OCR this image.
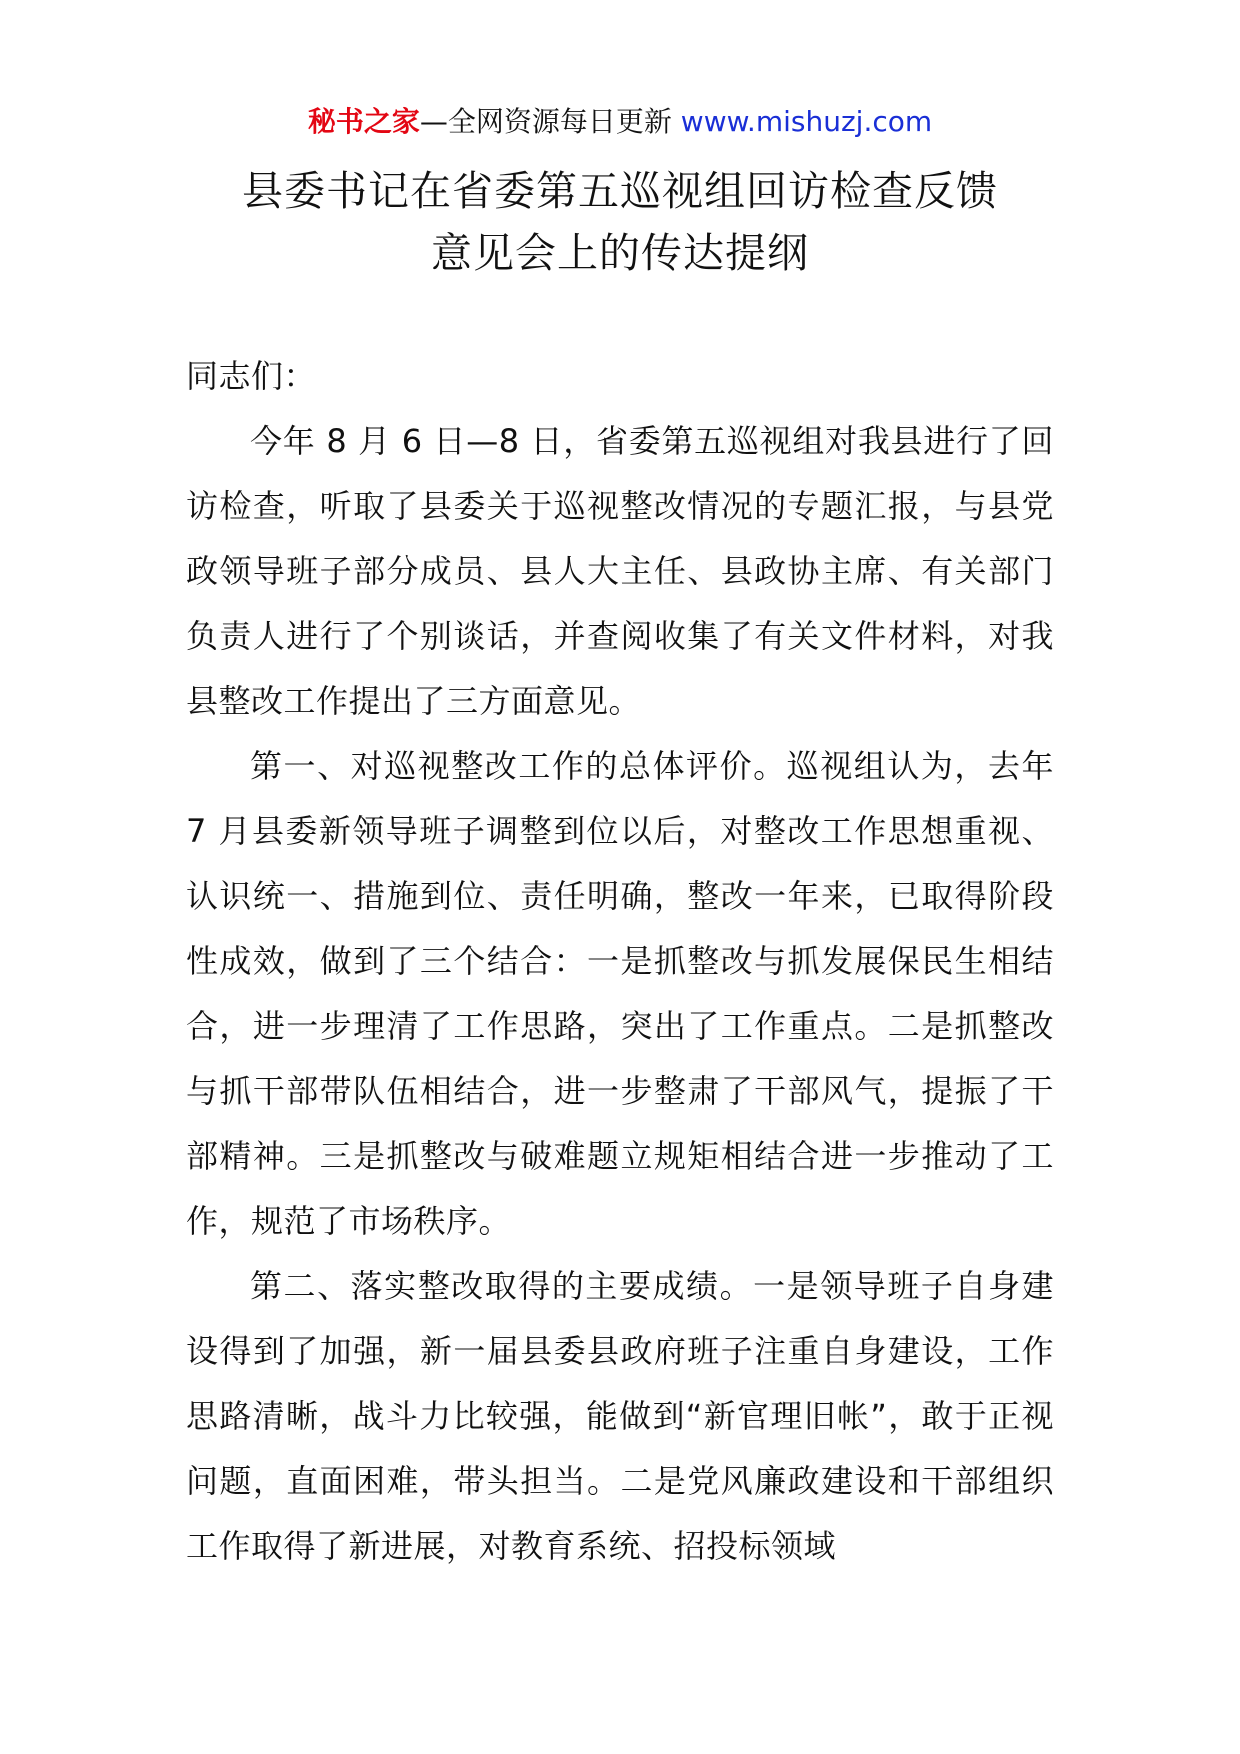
秘书之家—全网资源每日更新 www.mishuzj.com
县委书记在省委第五巡视组回访检查反馈
意见会上的传达提纲

同志们：

今年 8 月 6 日—8 日，省委第五巡视组对我县进行了回访检查，听取了县委关于巡视整改情况的专题汇报，与县党政领导班子部分成员、县人大主任、县政协主席、有关部门负责人进行了个别谈话，并查阅收集了有关文件材料，对我县整改工作提出了三方面意见。

第一、对巡视整改工作的总体评价。巡视组认为，去年 7 月县委新领导班子调整到位以后，对整改工作思想重视、认识统一、措施到位、责任明确，整改一年来，已取得阶段性成效，做到了三个结合：一是抓整改与抓发展保民生相结合，进一步理清了工作思路，突出了工作重点。二是抓整改与抓干部带队伍相结合，进一步整肃了干部风气，提振了干部精神。三是抓整改与破难题立规矩相结合进一步推动了工作，规范了市场秩序。

第二、落实整改取得的主要成绩。一是领导班子自身建设得到了加强，新一届县委县政府班子注重自身建设，工作思路清晰，战斗力比较强，能做到“新官理旧帐”，敢于正视问题，直面困难，带头担当。二是党风廉政建设和干部组织工作取得了新进展，对教育系统、招投标领域
